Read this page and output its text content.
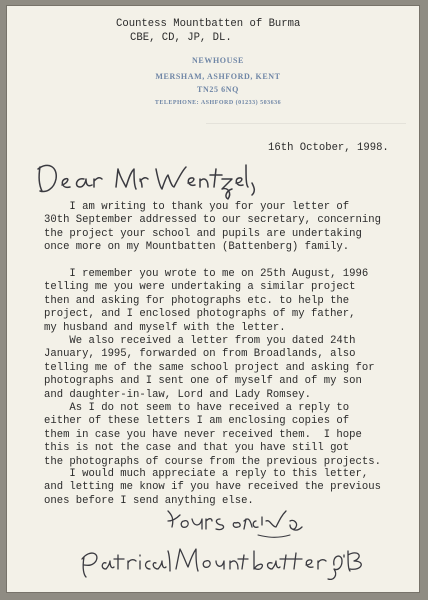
Countess Mountbatten of Burma
CBE, CD, JP, DL.
NEWHOUSE
MERSHAM, ASHFORD, KENT
TN25 6NQ
TELEPHONE: ASHFORD (01233) 503636
16th October, 1998.
I am writing to thank you for your letter of
30th September addressed to our secretary, concerning
the project your school and pupils are undertaking
once more on my Mountbatten (Battenberg) family.
I remember you wrote to me on 25th August, 1996
telling me you were undertaking a similar project
then and asking for photographs etc. to help the
project, and I enclosed photographs of my father,
my husband and myself with the letter.
We also received a letter from you dated 24th
January, 1995, forwarded on from Broadlands, also
telling me of the same school project and asking for
photographs and I sent one of myself and of my son
and daughter-in-law, Lord and Lady Romsey.
As I do not seem to have received a reply to
either of these letters I am enclosing copies of
them in case you have never received them.  I hope
this is not the case and that you have still got
the photographs of course from the previous projects.
I would much appreciate a reply to this letter,
and letting me know if you have received the previous
ones before I send anything else.
